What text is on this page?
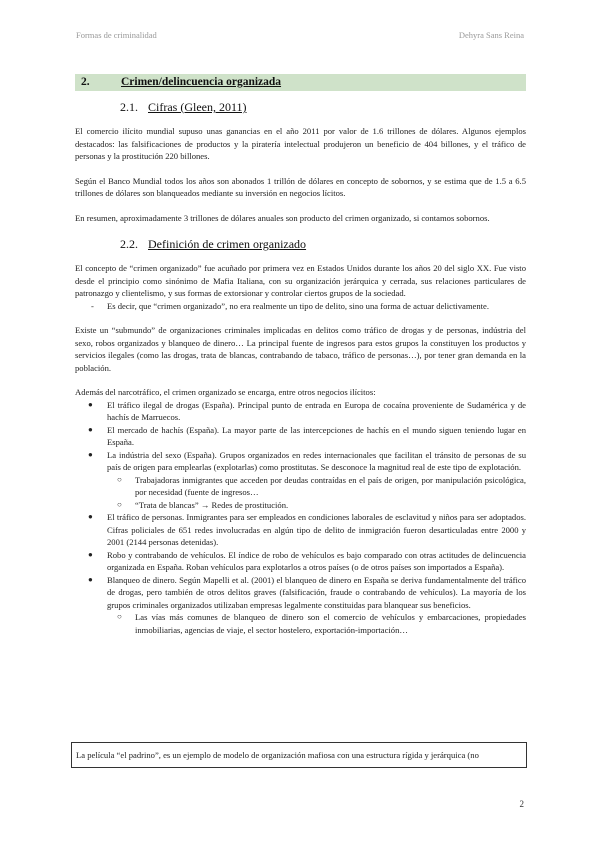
Formas de criminalidad	Dehyra Sans Reina
2.	Crimen/delincuencia organizada
2.1. Cifras (Gleen, 2011)

El comercio ilícito mundial supuso unas ganancias en el año 2011 por valor de 1.6 trillones de dólares. Algunos ejemplos destacados: las falsificaciones de productos y la piratería intelectual produjeron un beneficio de 404 billones, y el tráfico de personas y la prostitución 220 billones.

Según el Banco Mundial todos los años son abonados 1 trillón de dólares en concepto de sobornos, y se estima que de 1.5 a 6.5 trillones de dólares son blanqueados mediante su inversión en negocios lícitos.

En resumen, aproximadamente 3 trillones de dólares anuales son producto del crimen organizado, si contamos sobornos.

2.2. Definición de crimen organizado

El concepto de “crimen organizado” fue acuñado por primera vez en Estados Unidos durante los años 20 del siglo XX. Fue visto desde el principio como sinónimo de Mafia Italiana, con su organización jerárquica y cerrada, sus relaciones particulares de patronazgo y clientelismo, y sus formas de extorsionar y controlar ciertos grupos de la sociedad.

- Es decir, que “crimen organizado”, no era realmente un tipo de delito, sino una forma de actuar delictivamente.

Existe un “submundo” de organizaciones criminales implicadas en delitos como tráfico de drogas y de personas, indústria del sexo, robos organizados y blanqueo de dinero… La principal fuente de ingresos para estos grupos la constituyen los productos y servicios ilegales (como las drogas, trata de blancas, contrabando de tabaco, tráfico de personas…), por tener gran demanda en la población.

Además del narcotráfico, el crimen organizado se encarga, entre otros negocios ilícitos:

● El tráfico ilegal de drogas (España). Principal punto de entrada en Europa de cocaína proveniente de Sudamérica y de hachís de Marruecos.
● El mercado de hachís (España). La mayor parte de las intercepciones de hachís en el mundo siguen teniendo lugar en España.
● La indústria del sexo (España). Grupos organizados en redes internacionales que facilitan el tránsito de personas de su país de origen para emplearlas (explotarlas) como prostitutas. Se desconoce la magnitud real de este tipo de explotación.
○ Trabajadoras inmigrantes que acceden por deudas contraídas en el país de origen, por manipulación psicológica, por necesidad (fuente de ingresos…
○ “Trata de blancas” → Redes de prostitución.
● El tráfico de personas. Inmigrantes para ser empleados en condiciones laborales de esclavitud y niños para ser adoptados. Cifras policiales de 651 redes involucradas en algún tipo de delito de inmigración fueron desarticuladas entre 2000 y 2001 (2144 personas detenidas).
● Robo y contrabando de vehículos. El índice de robo de vehículos es bajo comparado con otras actitudes de delincuencia organizada en España. Roban vehículos para explotarlos a otros países (o de otros países son importados a España).
● Blanqueo de dinero. Según Mapelli et al. (2001) el blanqueo de dinero en España se deriva fundamentalmente del tráfico de drogas, pero también de otros delitos graves (falsificación, fraude o contrabando de vehículos). La mayoría de los grupos criminales organizados utilizaban empresas legalmente constituidas para blanquear sus beneficios.
○ Las vías más comunes de blanqueo de dinero son el comercio de vehículos y embarcaciones, propiedades inmobiliarias, agencias de viaje, el sector hostelero, exportación-importación…
La película “el padrino”, es un ejemplo de modelo de organización mafiosa con una estructura rígida y jerárquica (no
2
